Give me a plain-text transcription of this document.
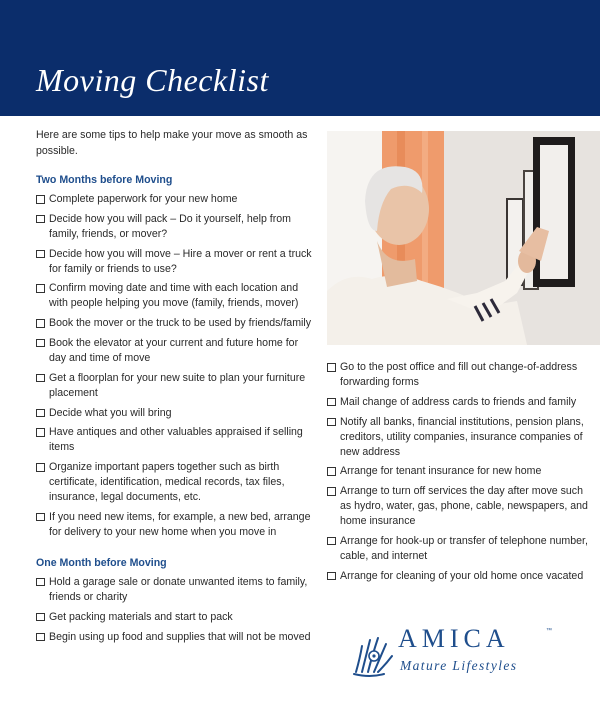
Moving Checklist

Here are some tips to help make your move as smooth as possible.

Two Months before Moving
Complete paperwork for your new home
Decide how you will pack – Do it yourself, help from family, friends, or mover?
Decide how you will move – Hire a mover or rent a truck for family or friends to use?
Confirm moving date and time with each location and with people helping you move (family, friends, mover)
Book the mover or the truck to be used by friends/family
Book the elevator at your current and future home for day and time of move
Get a floorplan for your new suite to plan your furniture placement
Decide what you will bring
Have antiques and other valuables appraised if selling items
Organize important papers together such as birth certificate, identification, medical records, tax files, insurance, legal documents, etc.
If you need new items, for example, a new bed, arrange for delivery to your new home when you move in
One Month before Moving
Hold a garage sale or donate unwanted items to family, friends or charity
Get packing materials and start to pack
Begin using up food and supplies that will not be moved
Go to the post office and fill out change-of-address forwarding forms
Mail change of address cards to friends and family
Notify all banks, financial institutions, pension plans, creditors, utility companies, insurance companies of new address
Arrange for tenant insurance for new home
Arrange to turn off services the day after move such as hydro, water, gas, phone, cable, newspapers, and home insurance
Arrange for hook-up or transfer of telephone number, cable, and internet
Arrange for cleaning of your old home once vacated
AMICA	™
Mature Lifestyles
